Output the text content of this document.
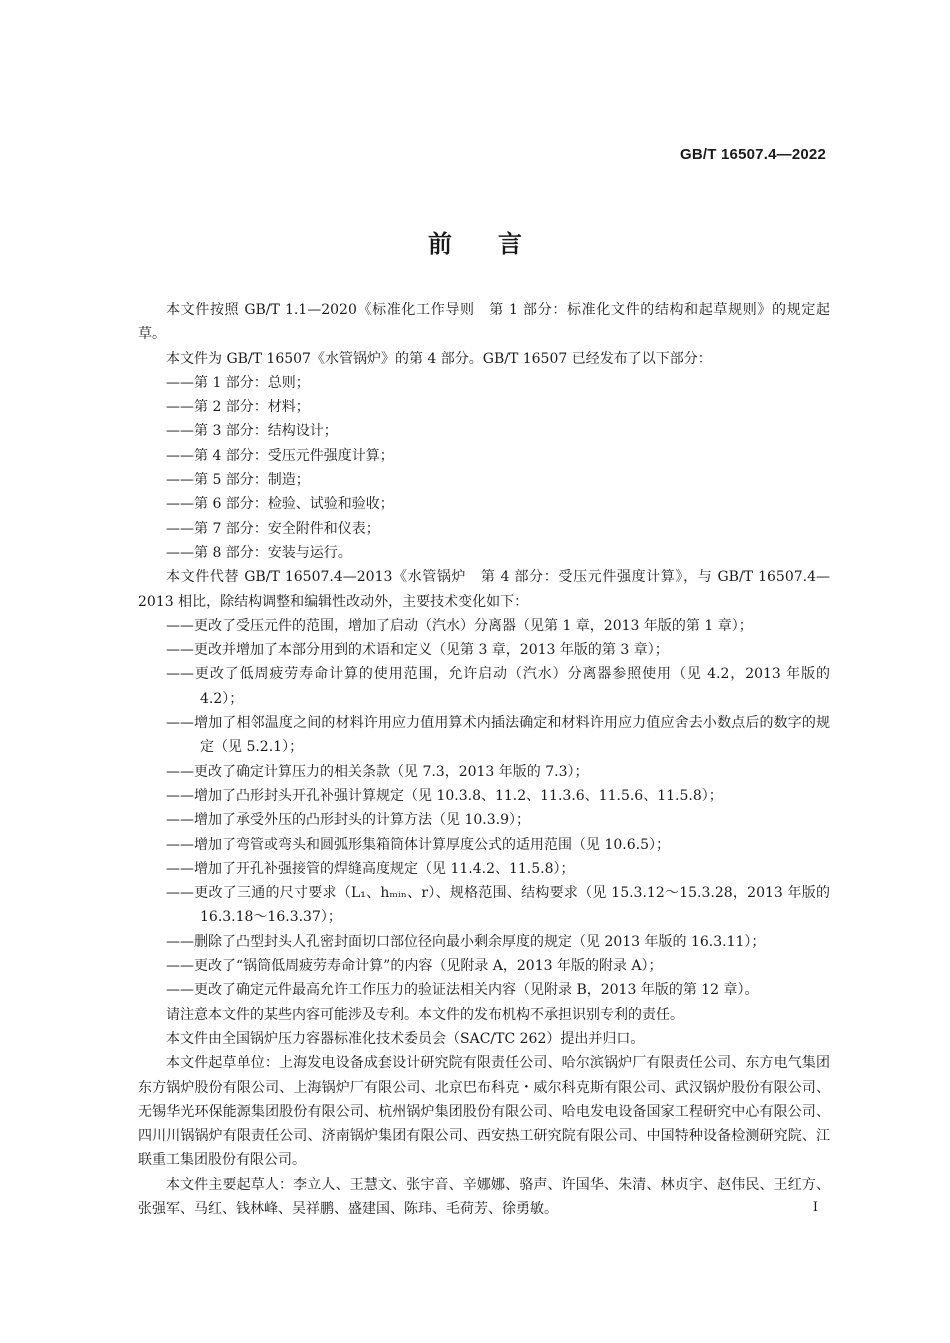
GB/T 16507.4—2022
前言

本文件按照 GB/T 1.1—2020《标准化工作导则　第 1 部分：标准化文件的结构和起草规则》的规定起草。

本文件为 GB/T 16507《水管锅炉》的第 4 部分。GB/T 16507 已经发布了以下部分：

——第 1 部分：总则；

——第 2 部分：材料；

——第 3 部分：结构设计；

——第 4 部分：受压元件强度计算；

——第 5 部分：制造；

——第 6 部分：检验、试验和验收；

——第 7 部分：安全附件和仪表；

——第 8 部分：安装与运行。

本文件代替 GB/T 16507.4—2013《水管锅炉　第 4 部分：受压元件强度计算》，与 GB/T 16507.4—2013 相比，除结构调整和编辑性改动外，主要技术变化如下：

——更改了受压元件的范围，增加了启动（汽水）分离器（见第 1 章，2013 年版的第 1 章）；

——更改并增加了本部分用到的术语和定义（见第 3 章，2013 年版的第 3 章）；

——更改了低周疲劳寿命计算的使用范围，允许启动（汽水）分离器参照使用（见 4.2，2013 年版的 4.2）；

——增加了相邻温度之间的材料许用应力值用算术内插法确定和材料许用应力值应舍去小数点后的数字的规定（见 5.2.1）；

——更改了确定计算压力的相关条款（见 7.3，2013 年版的 7.3）；

——增加了凸形封头开孔补强计算规定（见 10.3.8、11.2、11.3.6、11.5.6、11.5.8）；

——增加了承受外压的凸形封头的计算方法（见 10.3.9）；

——增加了弯管或弯头和圆弧形集箱筒体计算厚度公式的适用范围（见 10.6.5）；

——增加了开孔补强接管的焊缝高度规定（见 11.4.2、11.5.8）；

——更改了三通的尺寸要求（L₁、hₘᵢₙ、r）、规格范围、结构要求（见 15.3.12～15.3.28，2013 年版的 16.3.18～16.3.37）；

——删除了凸型封头人孔密封面切口部位径向最小剩余厚度的规定（见 2013 年版的 16.3.11）；

——更改了“锅筒低周疲劳寿命计算”的内容（见附录 A，2013 年版的附录 A）；

——更改了确定元件最高允许工作压力的验证法相关内容（见附录 B，2013 年版的第 12 章）。

请注意本文件的某些内容可能涉及专利。本文件的发布机构不承担识别专利的责任。

本文件由全国锅炉压力容器标准化技术委员会（SAC/TC 262）提出并归口。

本文件起草单位：上海发电设备成套设计研究院有限责任公司、哈尔滨锅炉厂有限责任公司、东方电气集团东方锅炉股份有限公司、上海锅炉厂有限公司、北京巴布科克・威尔科克斯有限公司、武汉锅炉股份有限公司、无锡华光环保能源集团股份有限公司、杭州锅炉集团股份有限公司、哈电发电设备国家工程研究中心有限公司、四川川锅锅炉有限责任公司、济南锅炉集团有限公司、西安热工研究院有限公司、中国特种设备检测研究院、江联重工集团股份有限公司。

本文件主要起草人：李立人、王慧文、张宇音、辛娜娜、骆声、许国华、朱清、林贞宇、赵伟民、王红方、张强军、马红、钱林峰、吴祥鹏、盛建国、陈玮、毛荷芳、徐勇敏。	I
